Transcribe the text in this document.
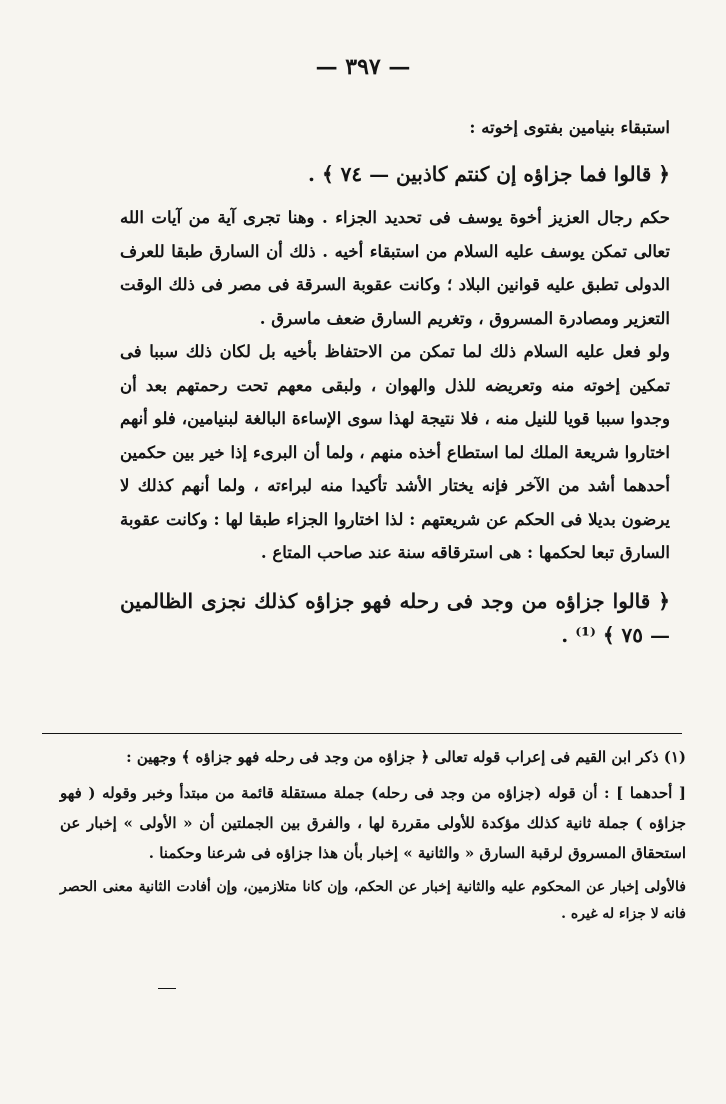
— ٣٩٧ —

استبقاء بنيامين بفتوى إخوته :

﴿ قالوا فما جزاؤه إن كنتم كاذبين — ٧٤ ﴾ .

حكم رجال العزيز أخوة يوسف فى تحديد الجزاء . وهنا تجرى آية من آيات الله تعالى تمكن يوسف عليه السلام من استبقاء أخيه . ذلك أن السارق طبقا للعرف الدولى تطبق عليه قوانين البلاد ؛ وكانت عقوبة السرقة فى مصر فى ذلك الوقت التعزير ومصادرة المسروق ، وتغريم السارق ضعف ماسرق .

ولو فعل عليه السلام ذلك لما تمكن من الاحتفاظ بأخيه بل لكان ذلك سببا فى تمكين إخوته منه وتعريضه للذل والهوان ، ولبقى معهم تحت رحمتهم بعد أن وجدوا سببا قويا للنيل منه ، فلا نتيجة لهذا سوى الإساءة البالغة لبنيامين، فلو أنهم اختاروا شريعة الملك لما استطاع أخذه منهم ، ولما أن البرىء إذا خير بين حكمين أحدهما أشد من الآخر فإنه يختار الأشد تأكيدا منه لبراءته ، ولما أنهم كذلك لا يرضون بديلا فى الحكم عن شريعتهم : لذا اختاروا الجزاء طبقا لها : وكانت عقوبة السارق تبعا لحكمها : هى استرقاقه سنة عند صاحب المتاع .

﴿ قالوا جزاؤه من وجد فى رحله فهو جزاؤه كذلك نجزى الظالمين — ٧٥ ﴾ ⁽¹⁾ .

(١) ذكر ابن القيم فى إعراب قوله تعالى ﴿ جزاؤه من وجد فى رحله فهو جزاؤه ﴾ وجهين :

[ أحدهما ] : أن قوله (جزاؤه من وجد فى رحله) جملة مستقلة قائمة من مبتدأ وخبر وقوله ( فهو جزاؤه ) جملة ثانية كذلك مؤكدة للأولى مقررة لها ، والفرق بين الجملتين أن « الأولى » إخبار عن استحقاق المسروق لرقبة السارق « والثانية » إخبار بأن هذا جزاؤه فى شرعنا وحكمنا .

فالأولى إخبار عن المحكوم عليه والثانية إخبار عن الحكم، وإن كانا متلازمين، وإن أفادت الثانية معنى الحصر فانه لا جزاء له غيره .
